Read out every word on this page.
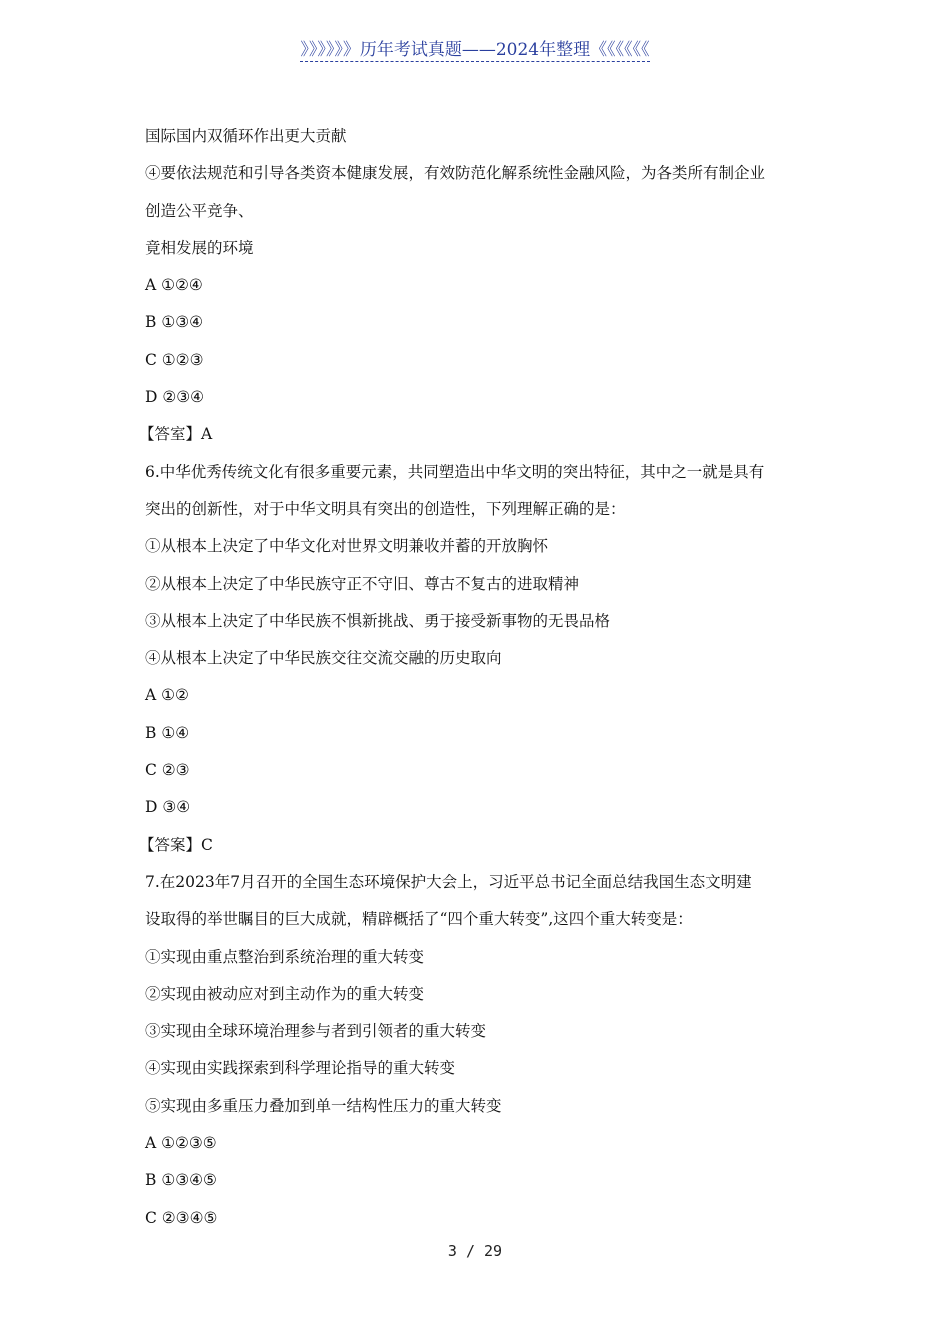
》》》》》》历年考试真题——2024年整理《《《《《《
国际国内双循环作出更大贡献
④要依法规范和引导各类资本健康发展，有效防范化解系统性金融风险，为各类所有制企业
创造公平竞争、
竟相发展的环境
A ①②④
B ①③④
C ①②③
D ②③④
【答室】A
6.中华优秀传统文化有很多重要元素，共同塑造出中华文明的突出特征，其中之一就是具有
突出的创新性，对于中华文明具有突出的创造性，下列理解正确的是：
①从根本上决定了中华文化对世界文明兼收并蓄的开放胸怀
②从根本上决定了中华民族守正不守旧、尊古不复古的进取精神
③从根本上决定了中华民族不惧新挑战、勇于接受新事物的无畏品格
④从根本上决定了中华民族交往交流交融的历史取向
A ①②
B ①④
C ②③
D ③④
【答案】C
7.在2023年7月召开的全国生态环境保护大会上，习近平总书记全面总结我国生态文明建
设取得的举世瞩目的巨大成就，精辟概括了“四个重大转变”,这四个重大转变是：
①实现由重点整治到系统治理的重大转变
②实现由被动应对到主动作为的重大转变
③实现由全球环境治理参与者到引领者的重大转变
④实现由实践探索到科学理论指导的重大转变
⑤实现由多重压力叠加到单一结构性压力的重大转变
A ①②③⑤
B ①③④⑤
C ②③④⑤
3 / 29
